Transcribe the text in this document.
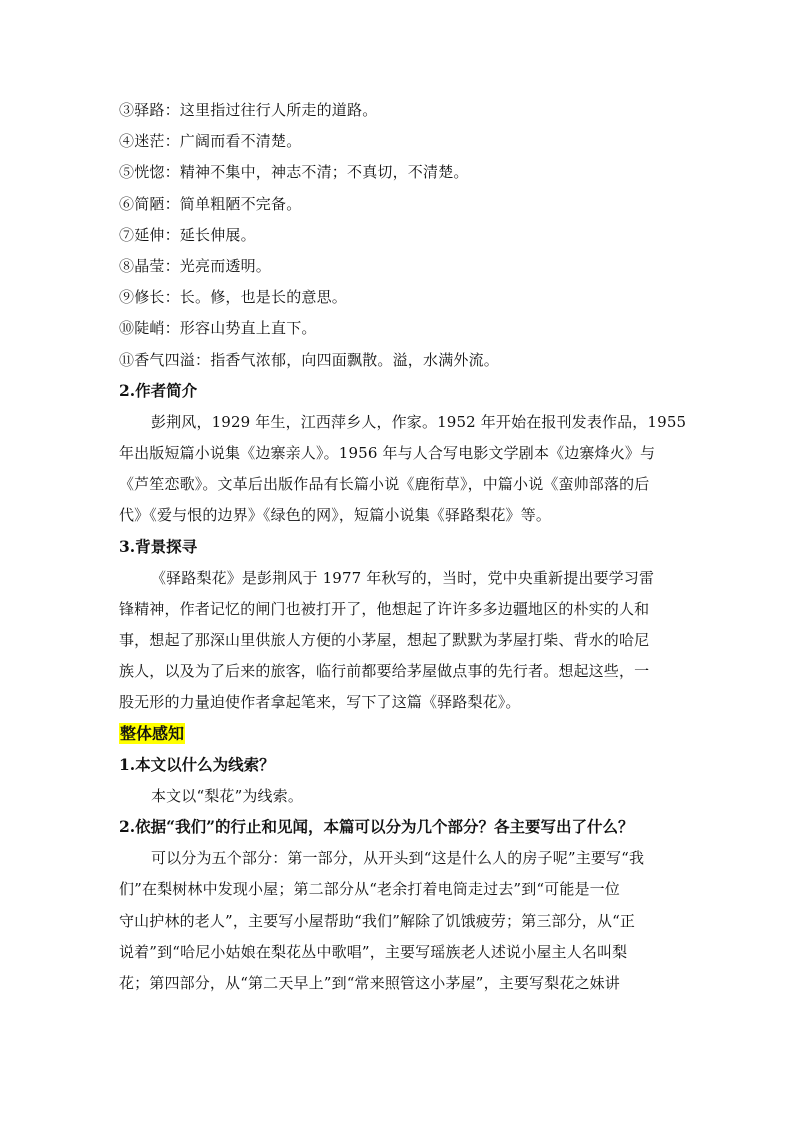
③驿路：这里指过往行人所走的道路。
④迷茫：广阔而看不清楚。
⑤恍惚：精神不集中，神志不清；不真切，不清楚。
⑥简陋：简单粗陋不完备。
⑦延伸：延长伸展。
⑧晶莹：光亮而透明。
⑨修长：长。修，也是长的意思。
⑩陡峭：形容山势直上直下。
⑪香气四溢：指香气浓郁，向四面飘散。溢，水满外流。
2.作者简介
彭荆风，1929 年生，江西萍乡人，作家。1952 年开始在报刊发表作品，1955
年出版短篇小说集《边寨亲人》。1956 年与人合写电影文学剧本《边寨烽火》与
《芦笙恋歌》。文革后出版作品有长篇小说《鹿衔草》，中篇小说《蛮帅部落的后
代》《爱与恨的边界》《绿色的网》，短篇小说集《驿路梨花》等。
3.背景探寻
《驿路梨花》是彭荆风于 1977 年秋写的，当时，党中央重新提出要学习雷
锋精神，作者记忆的闸门也被打开了，他想起了许许多多边疆地区的朴实的人和
事，想起了那深山里供旅人方便的小茅屋，想起了默默为茅屋打柴、背水的哈尼
族人，以及为了后来的旅客，临行前都要给茅屋做点事的先行者。想起这些，一
股无形的力量迫使作者拿起笔来，写下了这篇《驿路梨花》。
整体感知
1.本文以什么为线索？
本文以“梨花”为线索。
2.依据“我们”的行止和见闻，本篇可以分为几个部分？各主要写出了什么？
可以分为五个部分：第一部分，从开头到“这是什么人的房子呢”主要写“我
们”在梨树林中发现小屋；第二部分从“老余打着电筒走过去”到“可能是一位
守山护林的老人”，主要写小屋帮助“我们”解除了饥饿疲劳；第三部分，从“正
说着”到“哈尼小姑娘在梨花丛中歌唱”，主要写瑶族老人述说小屋主人名叫梨
花；第四部分，从“第二天早上”到“常来照管这小茅屋”，主要写梨花之妹讲
